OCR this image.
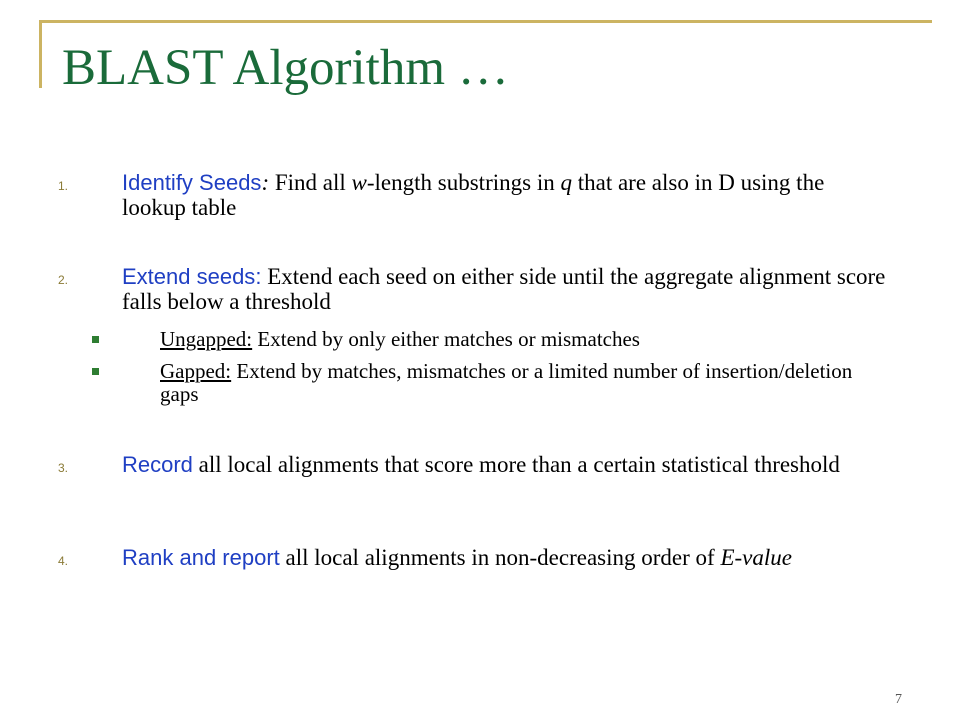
BLAST Algorithm …
1. Identify Seeds: Find all w-length substrings in q that are also in D using the lookup table
2. Extend seeds: Extend each seed on either side until the aggregate alignment score falls below a threshold
Ungapped: Extend by only either matches or mismatches
Gapped: Extend by matches, mismatches or a limited number of insertion/deletion gaps
3. Record all local alignments that score more than a certain statistical threshold
4. Rank and report all local alignments in non-decreasing order of E-value
7
